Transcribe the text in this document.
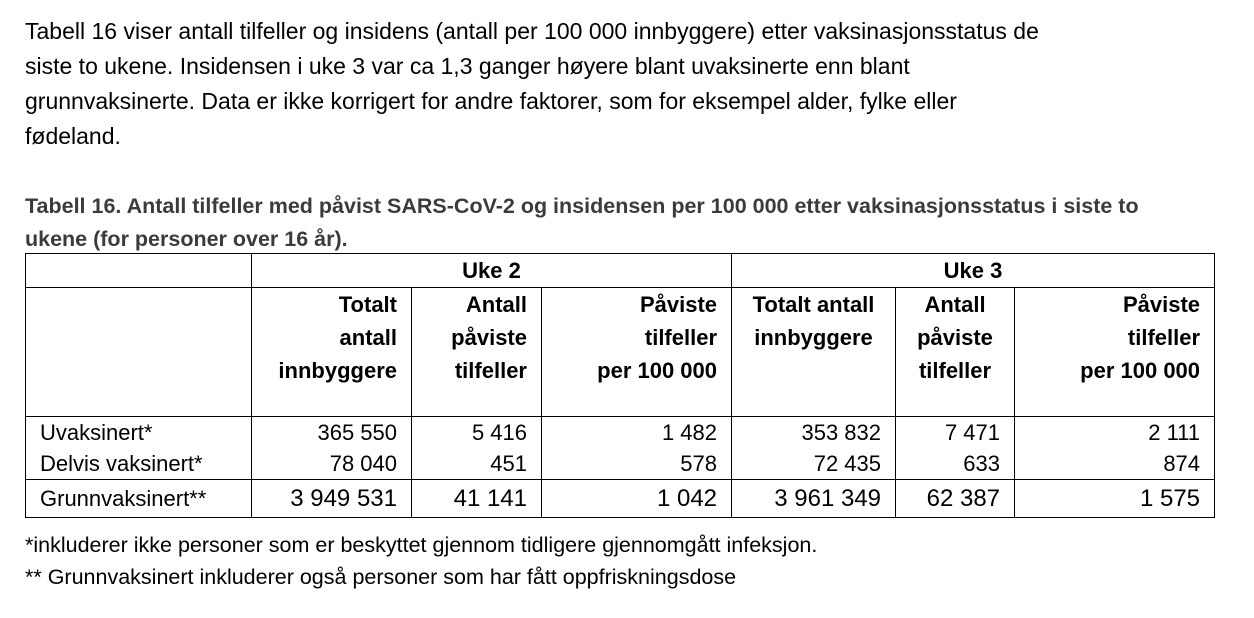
Tabell 16 viser antall tilfeller og insidens (antall per 100 000 innbyggere) etter vaksinasjonsstatus de
siste to ukene. Insidensen i uke 3 var ca 1,3 ganger høyere blant uvaksinerte enn blant
grunnvaksinerte. Data er ikke korrigert for andre faktorer, som for eksempel alder, fylke eller
fødeland.
Tabell 16. Antall tilfeller med påvist SARS-CoV-2 og insidensen per 100 000 etter vaksinasjonsstatus i siste to
ukene (for personer over 16 år).
	Uke 2			Uke 3		

	Totalt
antall
innbyggere	Antall
påviste
tilfeller	Påviste
tilfeller
per 100 000	Totalt antall
innbyggere	Antall
påviste
tilfeller	Påviste
tilfeller
per 100 000

Uvaksinert*	365 550	5 416	1 482	353 832	7 471	2 111
Delvis vaksinert*	78 040	451	578	72 435	633	874
Grunnvaksinert**	3 949 531	41 141	1 042	3 961 349	62 387	1 575
*inkluderer ikke personer som er beskyttet gjennom tidligere gjennomgått infeksjon.
** Grunnvaksinert inkluderer også personer som har fått oppfriskningsdose
